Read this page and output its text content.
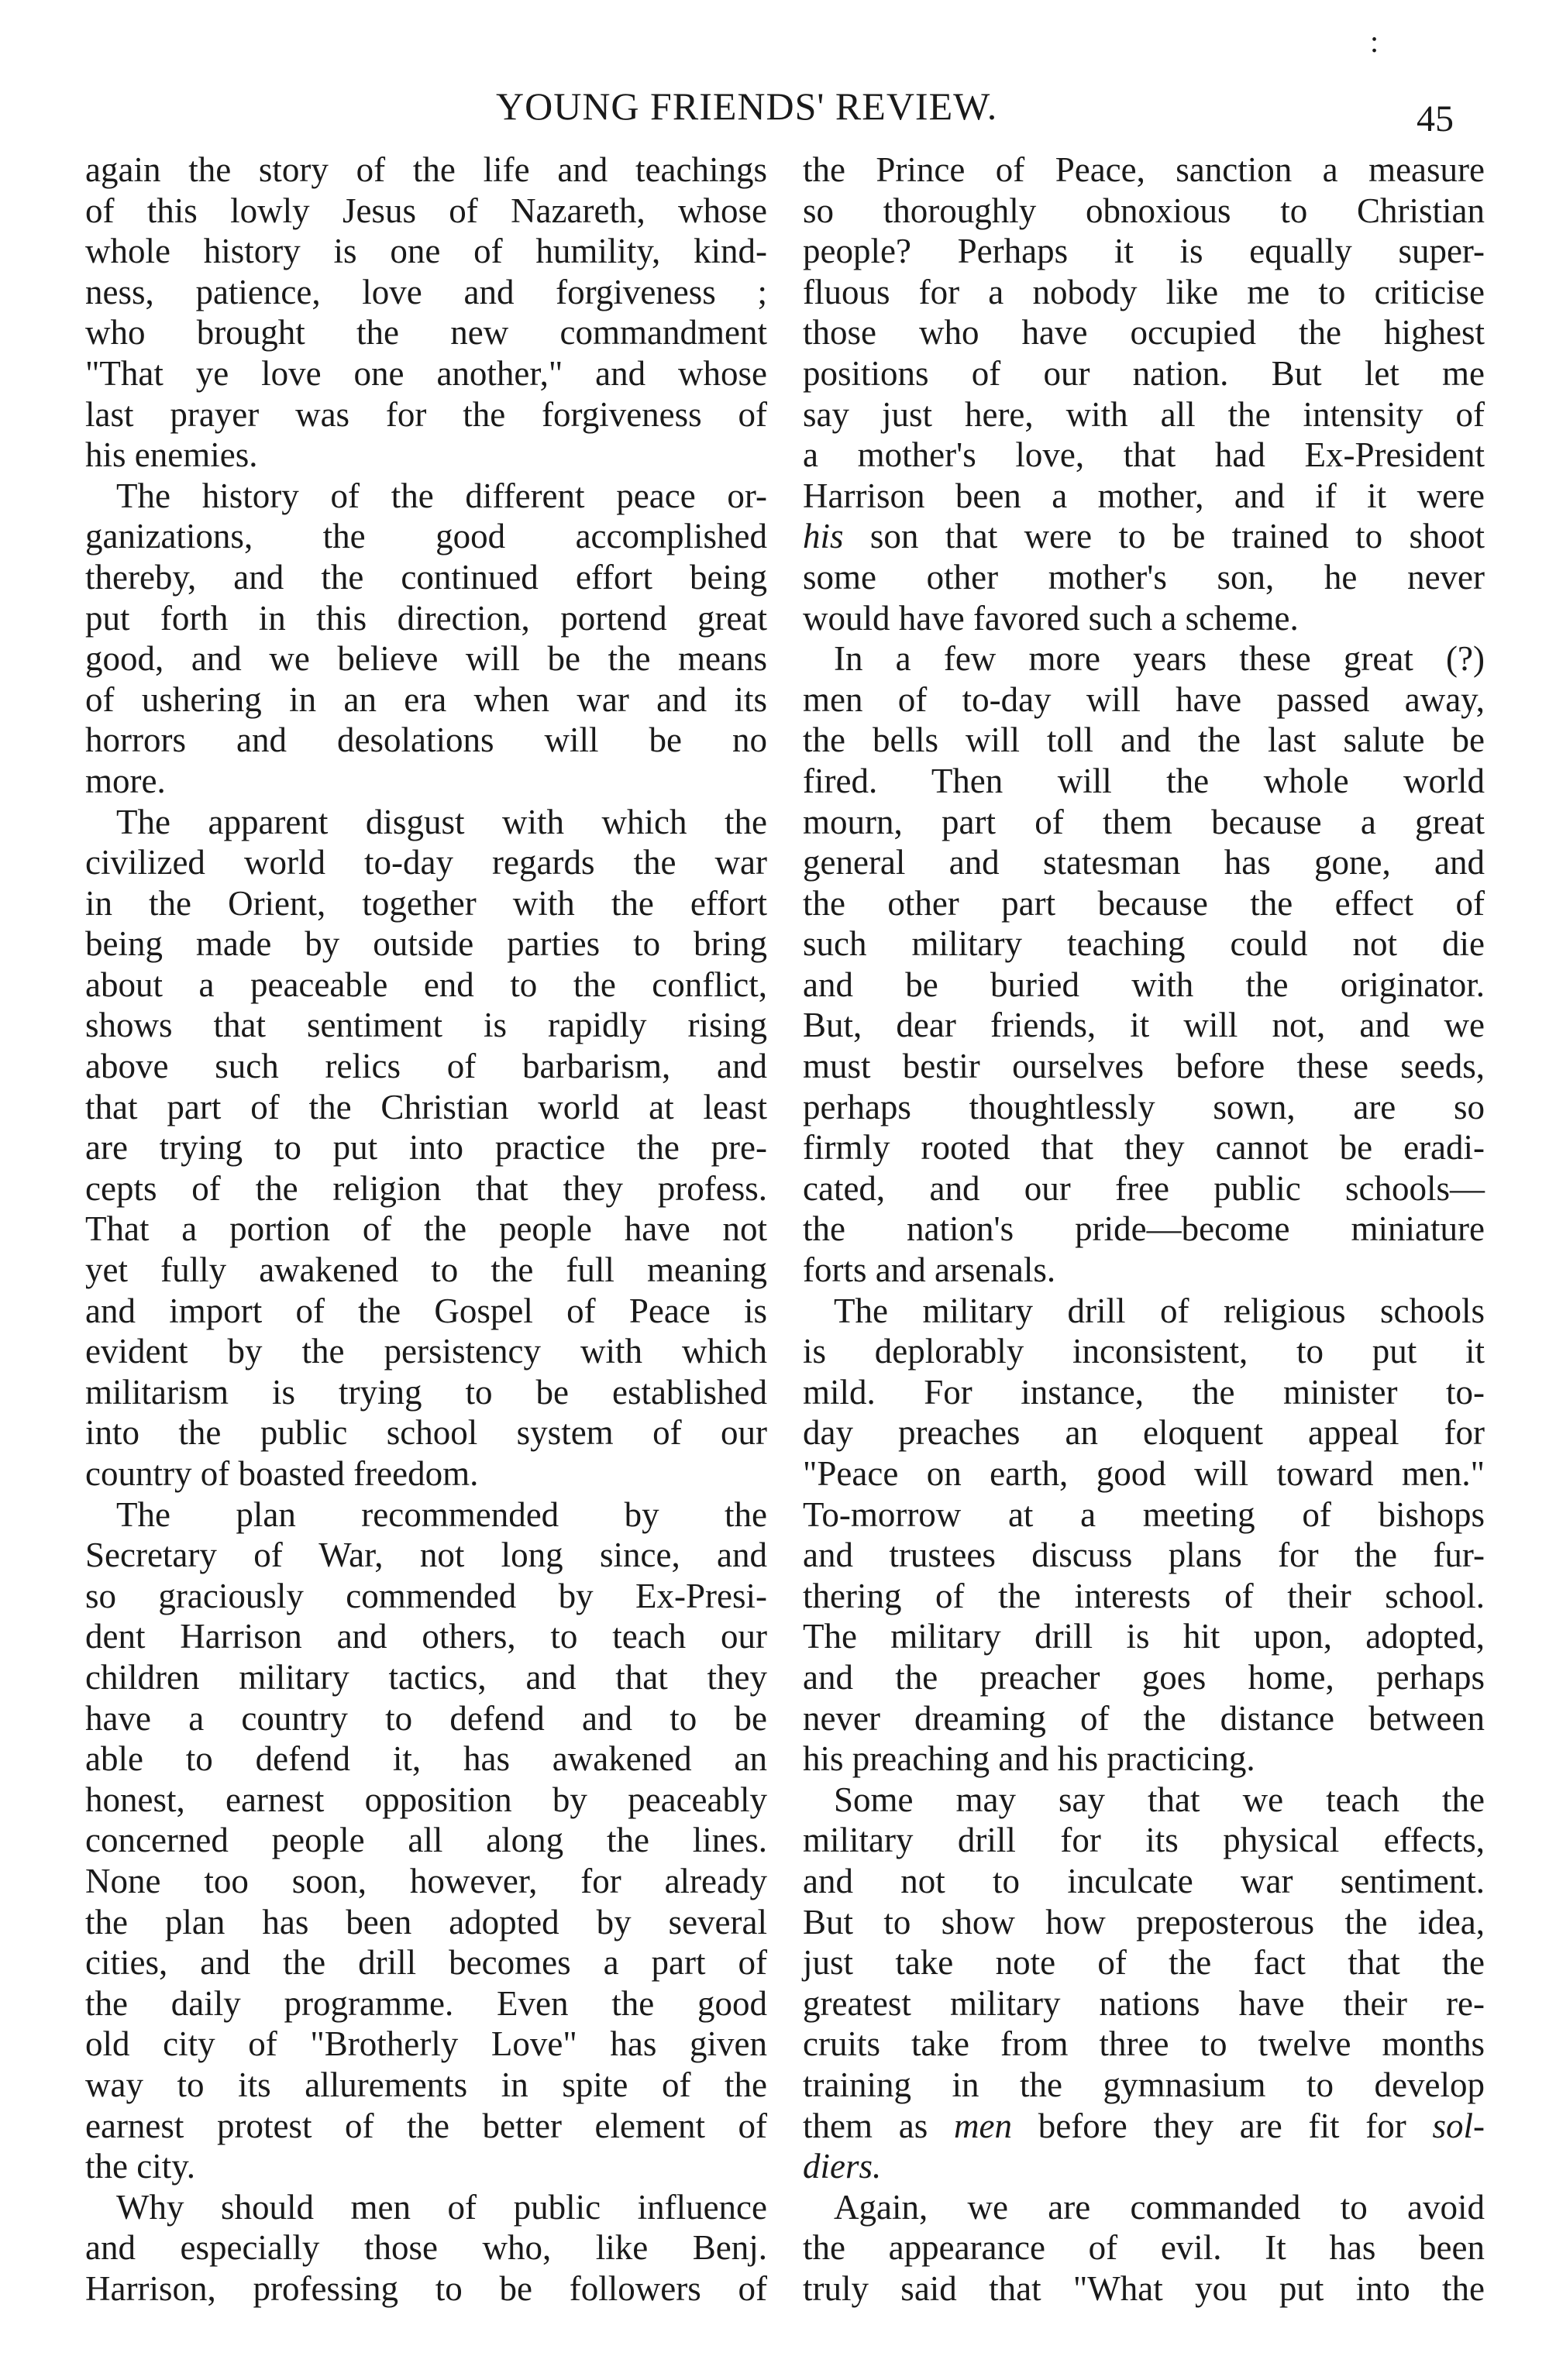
:
YOUNG FRIENDS' REVIEW.	45
again the story of the life and teachings
of this lowly Jesus of Nazareth, whose
whole history is one of humility, kind-
ness, patience, love and forgiveness ;
who brought the new commandment
"That ye love one another," and whose
last prayer was for the forgiveness of
his enemies.
The history of the different peace or-
ganizations, the good accomplished
thereby, and the continued effort being
put forth in this direction, portend great
good, and we believe will be the means
of ushering in an era when war and its
horrors and desolations will be no
more.
The apparent disgust with which the
civilized world to-day regards the war
in the Orient, together with the effort
being made by outside parties to bring
about a peaceable end to the conflict,
shows that sentiment is rapidly rising
above such relics of barbarism, and
that part of the Christian world at least
are trying to put into practice the pre-
cepts of the religion that they profess.
That a portion of the people have not
yet fully awakened to the full meaning
and import of the Gospel of Peace is
evident by the persistency with which
militarism is trying to be established
into the public school system of our
country of boasted freedom.
The plan recommended by the
Secretary of War, not long since, and
so graciously commended by Ex-Presi-
dent Harrison and others, to teach our
children military tactics, and that they
have a country to defend and to be
able to defend it, has awakened an
honest, earnest opposition by peaceably
concerned people all along the lines.
None too soon, however, for already
the plan has been adopted by several
cities, and the drill becomes a part of
the daily programme. Even the good
old city of "Brotherly Love" has given
way to its allurements in spite of the
earnest protest of the better element of
the city.
Why should men of public influence
and especially those who, like Benj.
Harrison, professing to be followers of
the Prince of Peace, sanction a measure
so thoroughly obnoxious to Christian
people? Perhaps it is equally super-
fluous for a nobody like me to criticise
those who have occupied the highest
positions of our nation. But let me
say just here, with all the intensity of
a mother's love, that had Ex-President
Harrison been a mother, and if it were
his son that were to be trained to shoot
some other mother's son, he never
would have favored such a scheme.
In a few more years these great (?)
men of to-day will have passed away,
the bells will toll and the last salute be
fired. Then will the whole world
mourn, part of them because a great
general and statesman has gone, and
the other part because the effect of
such military teaching could not die
and be buried with the originator.
But, dear friends, it will not, and we
must bestir ourselves before these seeds,
perhaps thoughtlessly sown, are so
firmly rooted that they cannot be eradi-
cated, and our free public schools—
the nation's pride—become miniature
forts and arsenals.
The military drill of religious schools
is deplorably inconsistent, to put it
mild. For instance, the minister to-
day preaches an eloquent appeal for
"Peace on earth, good will toward men."
To-morrow at a meeting of bishops
and trustees discuss plans for the fur-
thering of the interests of their school.
The military drill is hit upon, adopted,
and the preacher goes home, perhaps
never dreaming of the distance between
his preaching and his practicing.
Some may say that we teach the
military drill for its physical effects,
and not to inculcate war sentiment.
But to show how preposterous the idea,
just take note of the fact that the
greatest military nations have their re-
cruits take from three to twelve months
training in the gymnasium to develop
them as men before they are fit for sol-
diers.
Again, we are commanded to avoid
the appearance of evil. It has been
truly said that "What you put into the
